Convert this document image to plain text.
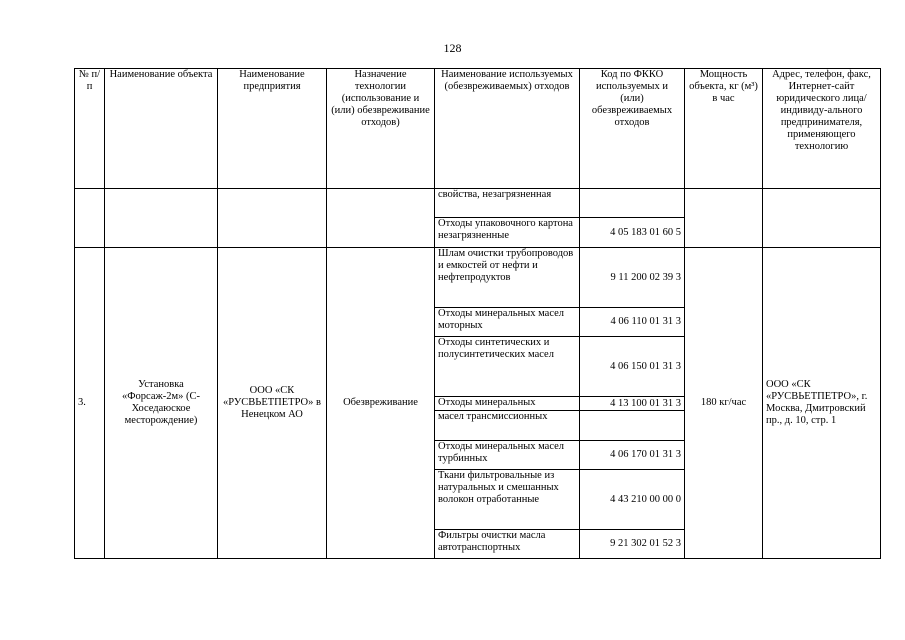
128
№ п/п	Наименование объекта	Наименование предприятия	Назначение технологии (использование и (или) обезвреживание отходов)	Наименование используемых (обезвреживаемых) отходов	Код по ФККО используемых и (или) обезвреживаемых отходов	Мощность объекта, кг (м³) в час	Адрес, телефон, факс, Интернет-сайт юридического лица/индивиду-ального предпринимателя, применяющего технологию
				свойства, незагрязненная			
				Отходы упаковочного картона незагрязненные	4 05 183 01 60 5		
3.	Установка «Форсаж-2м» (С-Хоседаюское месторождение)	ООО «СК «РУСВЬЕТПЕТРО» в Ненецком АО	Обезвреживание	Шлам очистки трубопроводов и емкостей от нефти и нефтепродуктов	9 11 200 02 39 3	180 кг/час	ООО «СК «РУСВЬЕТПЕТРО», г. Москва, Дмитровский пр., д. 10, стр. 1
				Отходы минеральных масел моторных	4 06 110 01 31 3		
				Отходы синтетических и полусинтетических масел	4 06 150 01 31 3		
				Отходы минеральных	4 13 100 01 31 3		
				масел трансмиссионных			
				Отходы минеральных масел турбинных	4 06 170 01 31 3		
				Ткани фильтровальные из натуральных и смешанных волокон отработанные	4 43 210 00 00 0		
				Фильтры очистки масла автотранспортных	9 21 302 01 52 3		
